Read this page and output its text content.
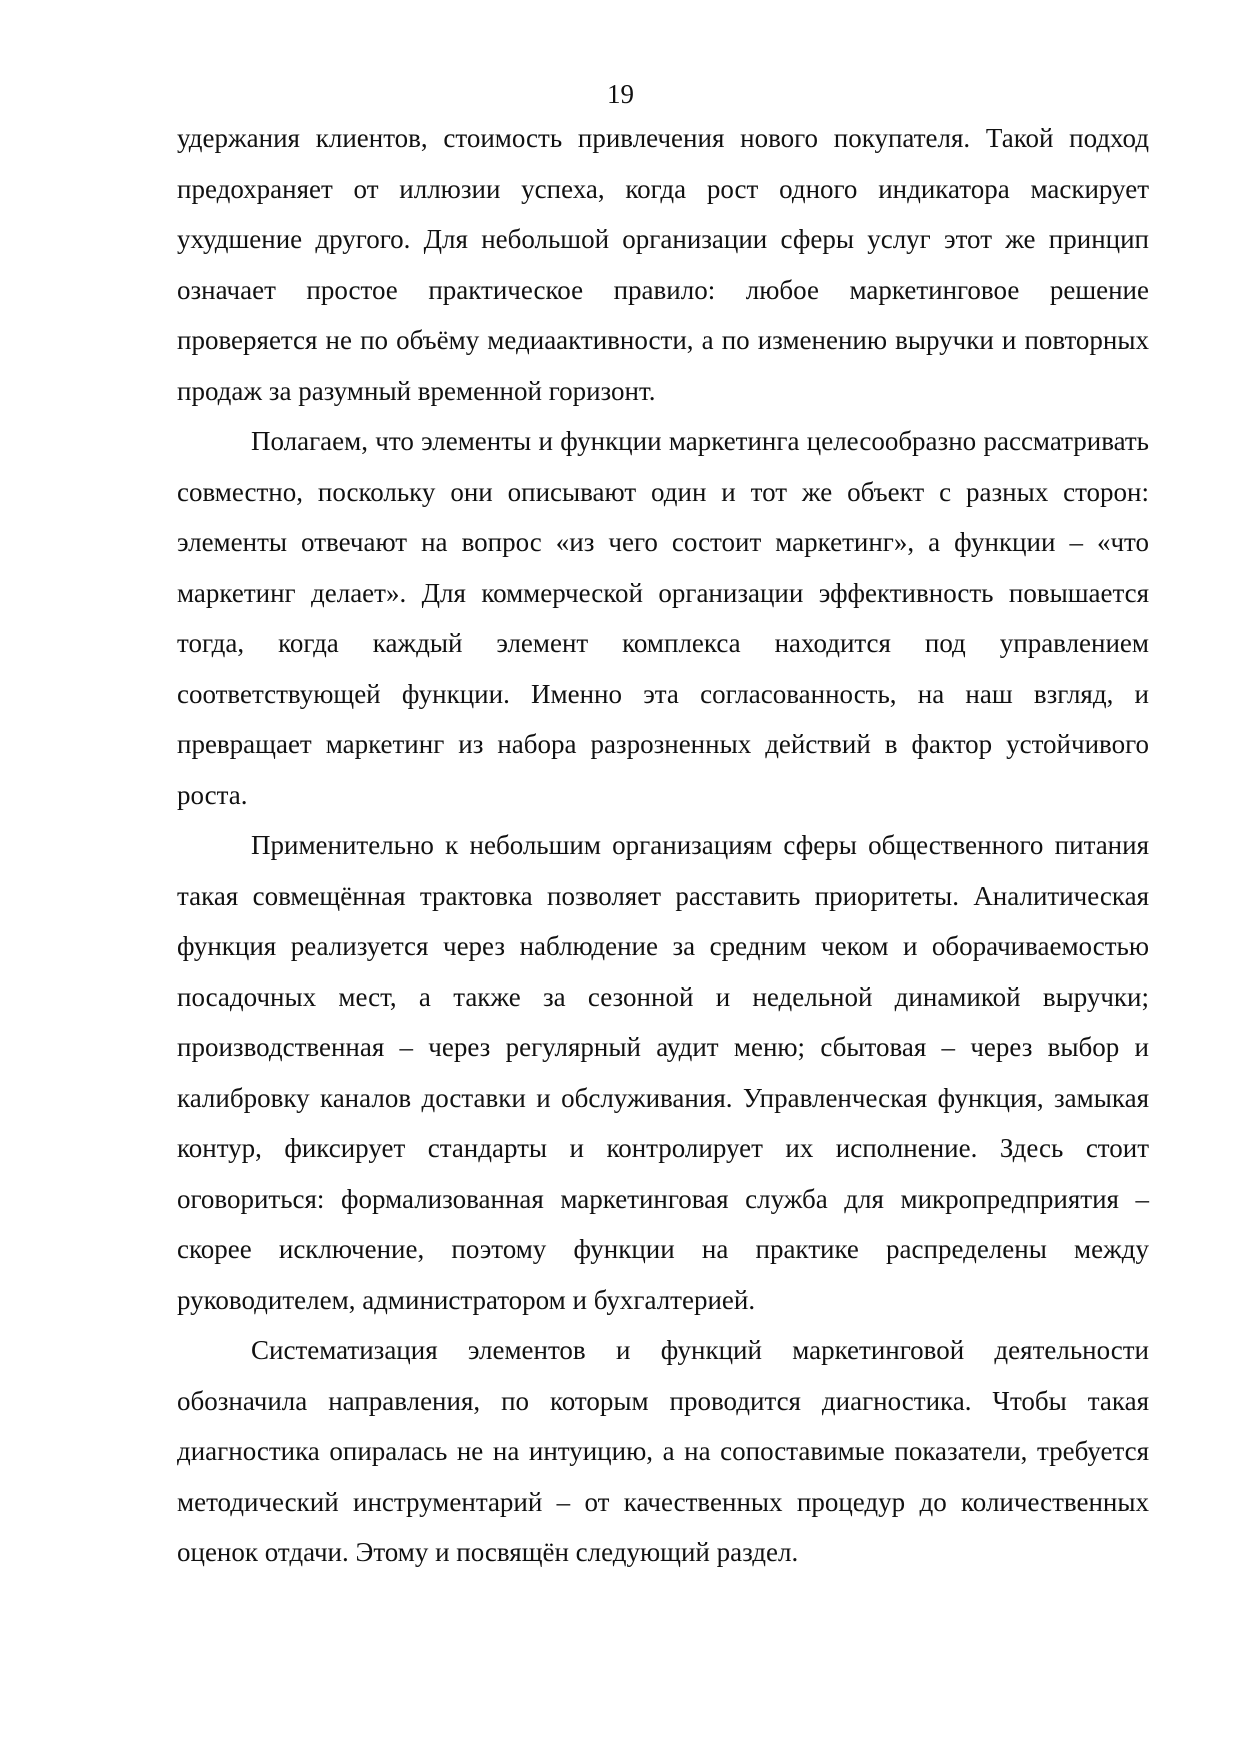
19

удержания клиентов, стоимость привлечения нового покупателя. Такой подход предохраняет от иллюзии успеха, когда рост одного индикатора маскирует ухудшение другого. Для небольшой организации сферы услуг этот же принцип означает простое практическое правило: любое маркетинговое решение проверяется не по объёму медиаактивности, а по изменению выручки и повторных продаж за разумный временной горизонт.

Полагаем, что элементы и функции маркетинга целесообразно рассматривать совместно, поскольку они описывают один и тот же объект с разных сторон: элементы отвечают на вопрос «из чего состоит маркетинг», а функции – «что маркетинг делает». Для коммерческой организации эффективность повышается тогда, когда каждый элемент комплекса находится под управлением соответствующей функции. Именно эта согласованность, на наш взгляд, и превращает маркетинг из набора разрозненных действий в фактор устойчивого роста.

Применительно к небольшим организациям сферы общественного питания такая совмещённая трактовка позволяет расставить приоритеты. Аналитическая функция реализуется через наблюдение за средним чеком и оборачиваемостью посадочных мест, а также за сезонной и недельной динамикой выручки; производственная – через регулярный аудит меню; сбытовая – через выбор и калибровку каналов доставки и обслуживания. Управленческая функция, замыкая контур, фиксирует стандарты и контролирует их исполнение. Здесь стоит оговориться: формализованная маркетинговая служба для микропредприятия – скорее исключение, поэтому функции на практике распределены между руководителем, администратором и бухгалтерией.

Систематизация элементов и функций маркетинговой деятельности обозначила направления, по которым проводится диагностика. Чтобы такая диагностика опиралась не на интуицию, а на сопоставимые показатели, требуется методический инструментарий – от качественных процедур до количественных оценок отдачи. Этому и посвящён следующий раздел.
